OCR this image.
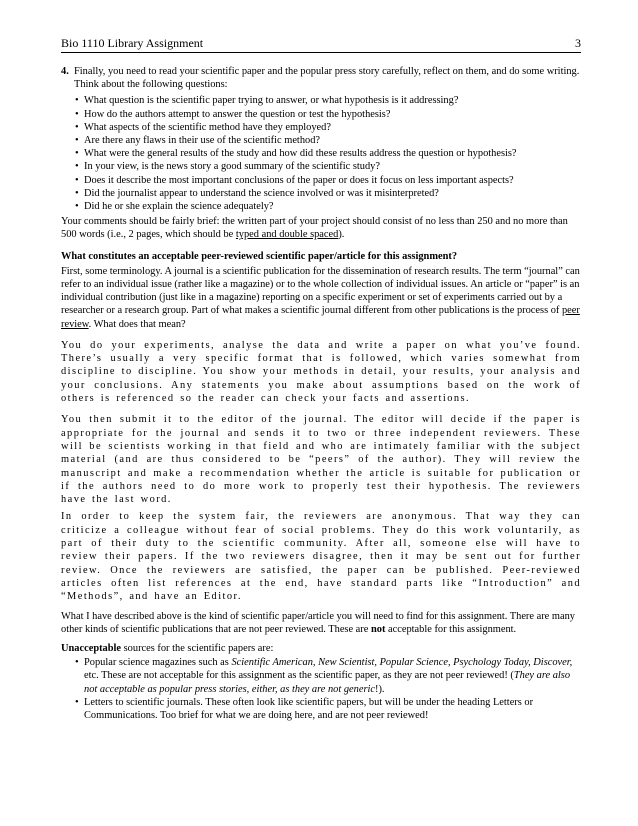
Bio 1110 Library Assignment	3
4. Finally, you need to read your scientific paper and the popular press story carefully, reflect on them, and do some writing. Think about the following questions:

• What question is the scientific paper trying to answer, or what hypothesis is it addressing?
• How do the authors attempt to answer the question or test the hypothesis?
• What aspects of the scientific method have they employed?
• Are there any flaws in their use of the scientific method?
• What were the general results of the study and how did these results address the question or hypothesis?
• In your view, is the news story a good summary of the scientific study?
• Does it describe the most important conclusions of the paper or does it focus on less important aspects?
• Did the journalist appear to understand the science involved or was it misinterpreted?
• Did he or she explain the science adequately?

Your comments should be fairly brief: the written part of your project should consist of no less than 250 and no more than 500 words (i.e., 2 pages, which should be typed and double spaced).

What constitutes an acceptable peer-reviewed scientific paper/article for this assignment?

First, some terminology. A journal is a scientific publication for the dissemination of research results. The term “journal” can refer to an individual issue (rather like a magazine) or to the whole collection of individual issues. An article or “paper” is an individual contribution (just like in a magazine) reporting on a specific experiment or set of experiments carried out by a researcher or a research group. Part of what makes a scientific journal different from other publications is the process of peer review. What does that mean?

You do your experiments, analyse the data and write a paper on what you’ve found. There’s usually a very specific format that is followed, which varies somewhat from discipline to discipline. You show your methods in detail, your results, your analysis and your conclusions. Any statements you make about assumptions based on the work of others is referenced so the reader can check your facts and assertions.

You then submit it to the editor of the journal. The editor will decide if the paper is appropriate for the journal and sends it to two or three independent reviewers. These will be scientists working in that field and who are intimately familiar with the subject material (and are thus considered to be “peers” of the author). They will review the manuscript and make a recommendation whether the article is suitable for publication or if the authors need to do more work to properly test their hypothesis. The reviewers have the last word.

In order to keep the system fair, the reviewers are anonymous. That way they can criticize a colleague without fear of social problems. They do this work voluntarily, as part of their duty to the scientific community. After all, someone else will have to review their papers. If the two reviewers disagree, then it may be sent out for further review. Once the reviewers are satisfied, the paper can be published. Peer-reviewed articles often list references at the end, have standard parts like “Introduction” and “Methods”, and have an Editor.

What I have described above is the kind of scientific paper/article you will need to find for this assignment. There are many other kinds of scientific publications that are not peer reviewed. These are not acceptable for this assignment.

Unacceptable sources for the scientific papers are:

• Popular science magazines such as Scientific American, New Scientist, Popular Science, Psychology Today, Discover, etc. These are not acceptable for this assignment as the scientific paper, as they are not peer reviewed! (They are also not acceptable as popular press stories, either, as they are not generic!).
• Letters to scientific journals. These often look like scientific papers, but will be under the heading Letters or Communications. Too brief for what we are doing here, and are not peer reviewed!
